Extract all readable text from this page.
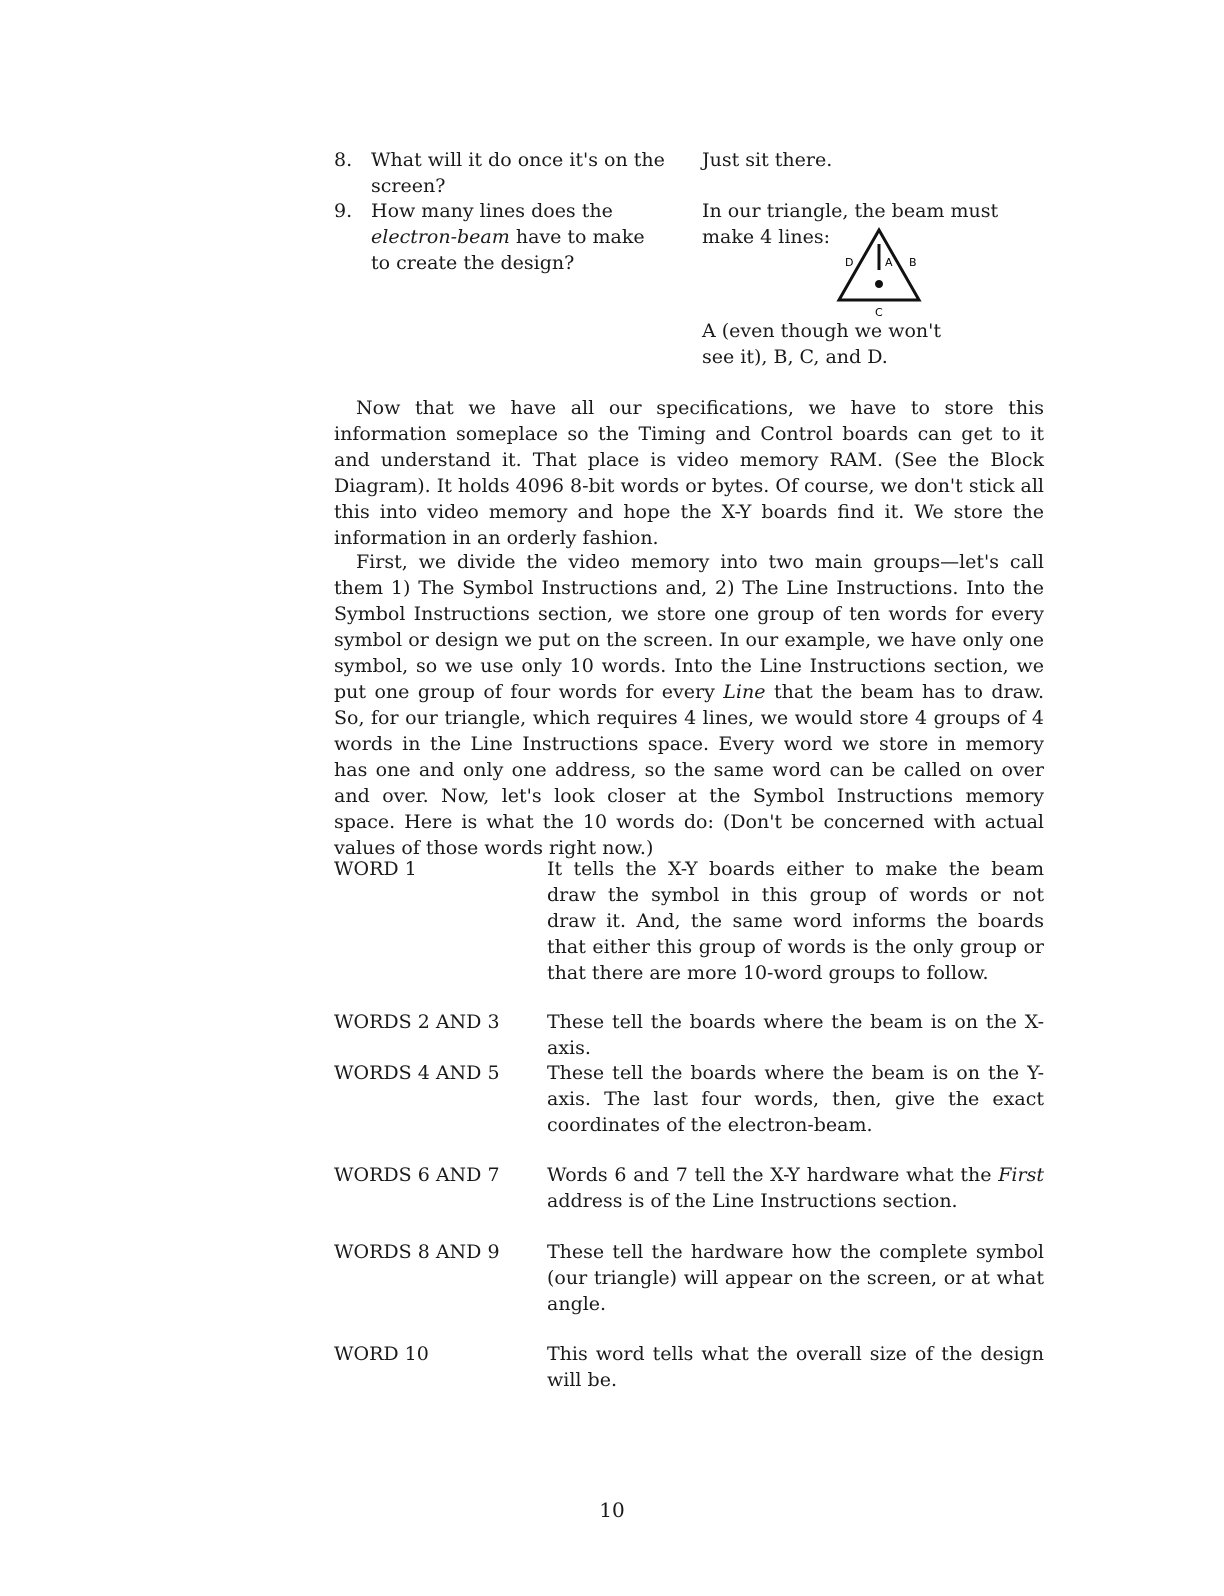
8. What will it do once it's on the screen?
Just sit there.
9. How many lines does the electron-beam have to make to create the design?
In our triangle, the beam must
make 4 lines:
D	A B
C
A (even though we won't see it), B, C, and D.

Now that we have all our specifications, we have to store this information someplace so the Timing and Control boards can get to it and understand it. That place is video memory RAM. (See the Block Diagram). It holds 4096 8-bit words or bytes. Of course, we don't stick all this into video memory and hope the X-Y boards find it. We store the information in an orderly fashion.

First, we divide the video memory into two main groups—let's call them 1) The Symbol Instructions and, 2) The Line Instructions. Into the Symbol Instructions section, we store one group of ten words for every symbol or design we put on the screen. In our example, we have only one symbol, so we use only 10 words. Into the Line Instructions section, we put one group of four words for every Line that the beam has to draw. So, for our triangle, which requires 4 lines, we would store 4 groups of 4 words in the Line Instructions space. Every word we store in memory has one and only one address, so the same word can be called on over and over. Now, let's look closer at the Symbol Instructions memory space. Here is what the 10 words do: (Don't be concerned with actual values of those words right now.)

WORD 1	It tells the X-Y boards either to make the beam draw the symbol in this group of words or not draw it. And, the same word informs the boards that either this group of words is the only group or that there are more 10-word groups to follow.
WORDS 2 AND 3	These tell the boards where the beam is on the X-axis.
WORDS 4 AND 5	These tell the boards where the beam is on the Y-axis. The last four words, then, give the exact coordinates of the electron-beam.
WORDS 6 AND 7	Words 6 and 7 tell the X-Y hardware what the First address is of the Line Instructions section.
WORDS 8 AND 9	These tell the hardware how the complete symbol (our triangle) will appear on the screen, or at what angle.
WORD 10	This word tells what the overall size of the design will be.
10
